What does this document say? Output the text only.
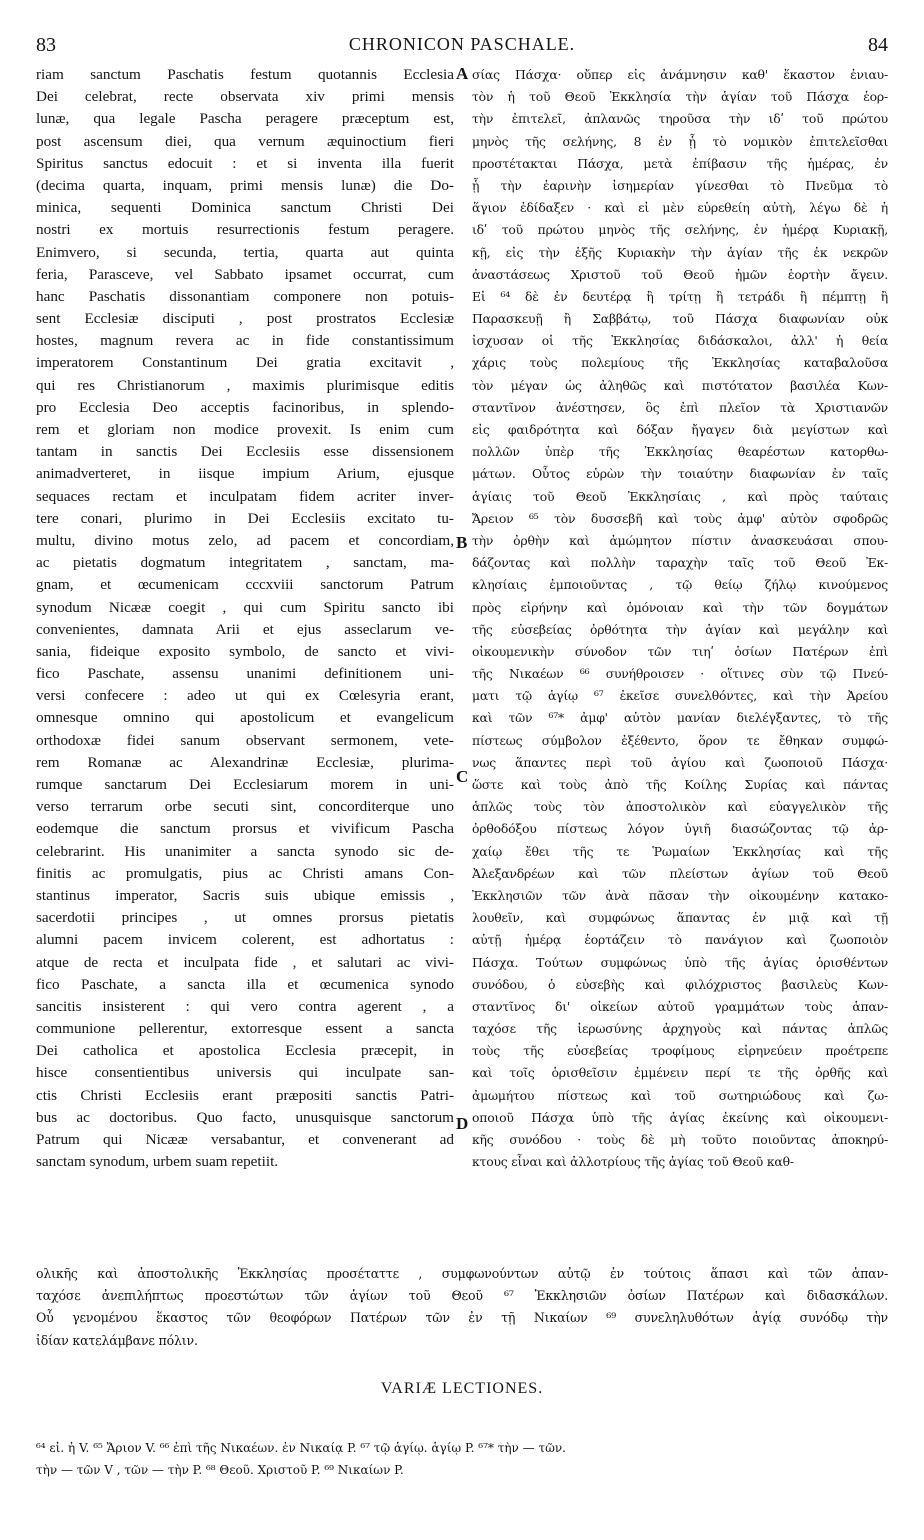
83	CHRONICON PASCHALE.	84
riam sanctum Paschatis festum quotannis Ecclesia
Dei celebrat, recte observata xiv primi mensis
lunæ, qua legale Pascha peragere præceptum est,
post ascensum diei, qua vernum æquinoctium fieri
Spiritus sanctus edocuit : et si inventa illa fuerit
(decima quarta, inquam, primi mensis lunæ) die Do-
minica, sequenti Dominica sanctum Christi Dei
nostri ex mortuis resurrectionis festum peragere.
Enimvero, si secunda, tertia, quarta aut quinta
feria, Parasceve, vel Sabbato ipsamet occurrat, cum
hanc Paschatis dissonantiam componere non potuis-
sent Ecclesiæ disciputi , post prostratos Ecclesiæ
hostes, magnum revera ac in fide constantissimum
imperatorem Constantinum Dei gratia excitavit ,
qui res Christianorum , maximis plurimisque editis
pro Ecclesia Deo acceptis facinoribus, in splendo-
rem et gloriam non modice provexit. Is enim cum
tantam in sanctis Dei Ecclesiis esse dissensionem
animadverteret, in iisque impium Arium, ejusque
sequaces rectam et inculpatam fidem acriter inver-
tere conari, plurimo in Dei Ecclesiis excitato tu-
multu, divino motus zelo, ad pacem et concordiam,
ac pietatis dogmatum integritatem , sanctam, ma-
gnam, et œcumenicam cccxviii sanctorum Patrum
synodum Nicææ coegit , qui cum Spiritu sancto ibi
convenientes, damnata Arii et ejus asseclarum ve-
sania, fideique exposito symbolo, de sancto et vivi-
fico Paschate, assensu unanimi definitionem uni-
versi confecere : adeo ut qui ex Cœlesyria erant,
omnesque omnino qui apostolicum et evangelicum
orthodoxæ fidei sanum observant sermonem, vete-
rem Romanæ ac Alexandrinæ Ecclesiæ, plurima-
rumque sanctarum Dei Ecclesiarum morem in uni-
verso terrarum orbe secuti sint, concorditerque uno
eodemque die sanctum prorsus et vivificum Pascha
celebrarint. His unanimiter a sancta synodo sic de-
finitis ac promulgatis, pius ac Christi amans Con-
stantinus imperator, Sacris suis ubique emissis ,
sacerdotii principes , ut omnes prorsus pietatis
alumni pacem invicem colerent, est adhortatus :
atque de recta et inculpata fide , et salutari ac vivi-
fico Paschate, a sancta illa et œcumenica synodo
sancitis insisterent : qui vero contra agerent , a
communione pellerentur, extorresque essent a sancta
Dei catholica et apostolica Ecclesia præcepit, in
hisce consentientibus universis qui inculpate san-
ctis Christi Ecclesiis erant præpositi sanctis Patri-
bus ac doctoribus. Quo facto, unusquisque sanctorum
Patrum qui Nicææ versabantur, et convenerant ad
sanctam synodum, urbem suam repetiit.
σίας Πάσχα· οὔπερ εἰς ἀνάμνησιν καθ' ἕκαστον ἐνιαυ-
τὸν ἡ τοῦ Θεοῦ Ἐκκλησία τὴν ἁγίαν τοῦ Πάσχα ἑορ-
τὴν ἐπιτελεῖ, ἀπλανῶς τηροῦσα τὴν ιδʹ τοῦ πρώτου
μηνὸς τῆς σελήνης, 8 ἐν ᾗ τὸ νομικὸν ἐπιτελεῖσθαι
προστέτακται Πάσχα, μετὰ ἐπίβασιν τῆς ἡμέρας, ἐν
ᾗ τὴν ἐαρινὴν ἰσημερίαν γίνεσθαι τὸ Πνεῦμα τὸ
ἅγιον ἐδίδαξεν · καὶ εἰ μὲν εὑρεθείη αὐτὴ, λέγω δὲ ἡ
ιδʹ τοῦ πρώτου μηνὸς τῆς σελήνης, ἐν ἡμέρᾳ Κυριακῇ,
κῇ, εἰς τὴν ἑξῆς Κυριακὴν τὴν ἁγίαν τῆς ἐκ νεκρῶν
ἀναστάσεως Χριστοῦ τοῦ Θεοῦ ἡμῶν ἑορτὴν ἄγειν.
Εἰ ⁶⁴ δὲ ἐν δευτέρᾳ ἢ τρίτῃ ἢ τετράδι ἢ πέμπτῃ ἢ
Παρασκευῇ ἢ Σαββάτῳ, τοῦ Πάσχα διαφωνίαν οὐκ
ἰσχυσαν οἱ τῆς Ἐκκλησίας διδάσκαλοι, ἀλλ' ἡ θεία
χάρις τοὺς πολεμίους τῆς Ἐκκλησίας καταβαλοῦσα
τὸν μέγαν ὡς ἀληθῶς καὶ πιστότατον βασιλέα Κων-
σταντῖνον ἀνέστησεν, ὃς ἐπὶ πλεῖον τὰ Χριστιανῶν
εἰς φαιδρότητα καὶ δόξαν ἤγαγεν διὰ μεγίστων καὶ
πολλῶν ὑπὲρ τῆς Ἐκκλησίας θεαρέστων κατορθω-
μάτων. Οὗτος εὑρὼν τὴν τοιαύτην διαφωνίαν ἐν ταῖς
ἁγίαις τοῦ Θεοῦ Ἐκκλησίαις , καὶ πρὸς ταύταις
Ἄρειον ⁶⁵ τὸν δυσσεβῆ καὶ τοὺς ἀμφ' αὐτὸν σφοδρῶς
τὴν ὀρθὴν καὶ ἀμώμητον πίστιν ἀνασκευάσαι σπου-
δάζοντας καὶ πολλὴν ταραχὴν ταῖς τοῦ Θεοῦ Ἐκ-
κλησίαις ἐμποιοῦντας , τῷ θείῳ ζήλῳ κινούμενος
πρὸς εἰρήνην καὶ ὁμόνοιαν καὶ τὴν τῶν δογμάτων
τῆς εὐσεβείας ὀρθότητα τὴν ἁγίαν καὶ μεγάλην καὶ
οἰκουμενικὴν σύνοδον τῶν τιηʹ ὁσίων Πατέρων ἐπὶ
τῆς Νικαέων ⁶⁶ συνήθροισεν · οἵτινες σὺν τῷ Πνεύ-
ματι τῷ ἁγίῳ ⁶⁷ ἐκεῖσε συνελθόντες, καὶ τὴν Ἀρείου
καὶ τῶν ⁶⁷* ἀμφ' αὐτὸν μανίαν διελέγξαντες, τὸ τῆς
πίστεως σύμβολον ἐξέθεντο, ὅρον τε ἔθηκαν συμφώ-
νως ἅπαντες περὶ τοῦ ἁγίου καὶ ζωοποιοῦ Πάσχα·
ὥστε καὶ τοὺς ἀπὸ τῆς Κοίλης Συρίας καὶ πάντας
ἁπλῶς τοὺς τὸν ἀποστολικὸν καὶ εὐαγγελικὸν τῆς
ὀρθοδόξου πίστεως λόγον ὑγιῆ διασώζοντας τῷ ἀρ-
χαίῳ ἔθει τῆς τε Ῥωμαίων Ἐκκλησίας καὶ τῆς
Ἀλεξανδρέων καὶ τῶν πλείστων ἁγίων τοῦ Θεοῦ
Ἐκκλησιῶν τῶν ἀνὰ πᾶσαν τὴν οἰκουμένην κατακο-
λουθεῖν, καὶ συμφώνως ἅπαντας ἐν μιᾷ καὶ τῇ
αὐτῇ ἡμέρᾳ ἑορτάζειν τὸ πανάγιον καὶ ζωοποιὸν
Πάσχα. Τούτων συμφώνως ὑπὸ τῆς ἁγίας ὁρισθέντων
συνόδου, ὁ εὐσεβὴς καὶ φιλόχριστος βασιλεὺς Κων-
σταντῖνος δι' οἰκείων αὐτοῦ γραμμάτων τοὺς ἁπαν-
ταχόσε τῆς ἱερωσύνης ἀρχηγοὺς καὶ πάντας ἁπλῶς
τοὺς τῆς εὐσεβείας τροφίμους εἰρηνεύειν προέτρεπε
καὶ τοῖς ὁρισθεῖσιν ἐμμένειν περί τε τῆς ὀρθῆς καὶ
ἀμωμήτου πίστεως καὶ τοῦ σωτηριώδους καὶ ζω-
οποιοῦ Πάσχα ὑπὸ τῆς ἁγίας ἐκείνης καὶ οἰκουμενι-
κῆς συνόδου · τοὺς δὲ μὴ τοῦτο ποιοῦντας ἀποκηρύ-
κτους εἶναι καὶ ἀλλοτρίους τῆς ἁγίας τοῦ Θεοῦ καθ-
A
B
C
D
ολικῆς καὶ ἀποστολικῆς Ἐκκλησίας προσέταττε , συμφωνούντων αὐτῷ ἐν τούτοις ἅπασι καὶ τῶν ἁπαν-
ταχόσε ἀνεπιλήπτως προεστώτων τῶν ἁγίων τοῦ Θεοῦ ⁶⁷ Ἐκκλησιῶν ὁσίων Πατέρων καὶ διδασκάλων.
Οὗ γενομένου ἕκαστος τῶν θεοφόρων Πατέρων τῶν ἐν τῇ Νικαίων ⁶⁹ συνεληλυθότων ἁγίᾳ συνόδῳ τὴν
ἰδίαν κατελάμβανε πόλιν.
VARIÆ LECTIONES.
⁶⁴ εἰ. ἡ V. ⁶⁵ Ἄριον V. ⁶⁶ ἐπὶ τῆς Νικαέων. ἐν Νικαίᾳ P. ⁶⁷ τῷ ἁγίῳ. ἁγίῳ P. ⁶⁷* τὴν — τῶν.
τὴν — τῶν V , τῶν — τὴν P. ⁶⁸ Θεοῦ. Χριστοῦ P. ⁶⁹ Νικαίων P.
